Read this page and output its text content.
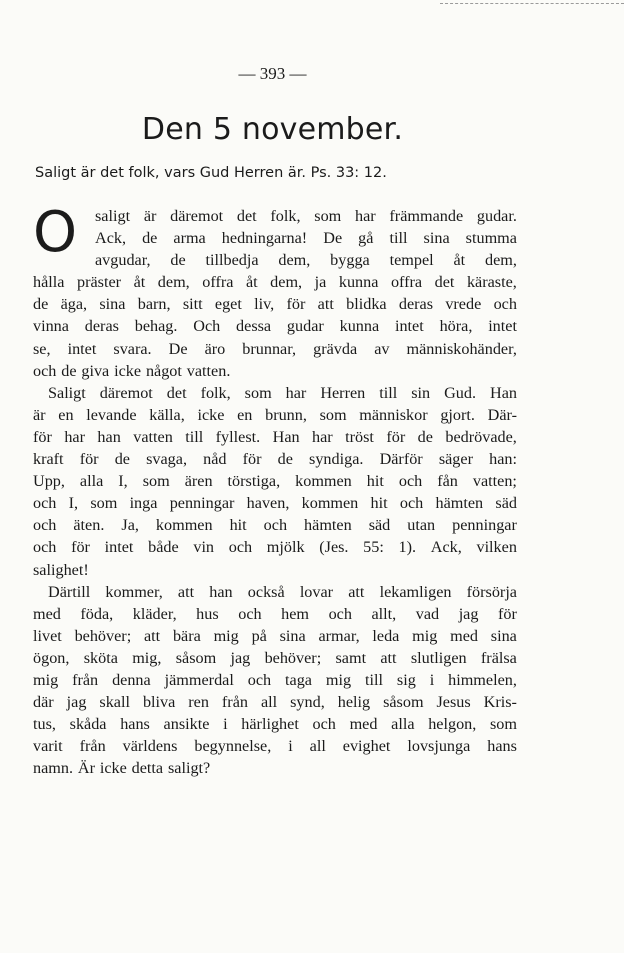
— 393 —
Den 5 november.
Saligt är det folk, vars Gud Herren är. Ps. 33: 12.
O saligt är däremot det folk, som har främmande gudar.
Ack, de arma hedningarna! De gå till sina stumma
avgudar, de tillbedja dem, bygga tempel åt dem,
hålla präster åt dem, offra åt dem, ja kunna offra det käraste,
de äga, sina barn, sitt eget liv, för att blidka deras vrede och
vinna deras behag. Och dessa gudar kunna intet höra, intet
se, intet svara. De äro brunnar, grävda av människohänder,
och de giva icke något vatten.
Saligt däremot det folk, som har Herren till sin Gud. Han
är en levande källa, icke en brunn, som människor gjort. Där-
för har han vatten till fyllest. Han har tröst för de bedrövade,
kraft för de svaga, nåd för de syndiga. Därför säger han:
Upp, alla I, som ären törstiga, kommen hit och fån vatten;
och I, som inga penningar haven, kommen hit och hämten säd
och äten. Ja, kommen hit och hämten säd utan penningar
och för intet både vin och mjölk (Jes. 55: 1). Ack, vilken
salighet!
Därtill kommer, att han också lovar att lekamligen försörja
med föda, kläder, hus och hem och allt, vad jag för
livet behöver; att bära mig på sina armar, leda mig med sina
ögon, sköta mig, såsom jag behöver; samt att slutligen frälsa
mig från denna jämmerdal och taga mig till sig i himmelen,
där jag skall bliva ren från all synd, helig såsom Jesus Kris-
tus, skåda hans ansikte i härlighet och med alla helgon, som
varit från världens begynnelse, i all evighet lovsjunga hans
namn. Är icke detta saligt?
